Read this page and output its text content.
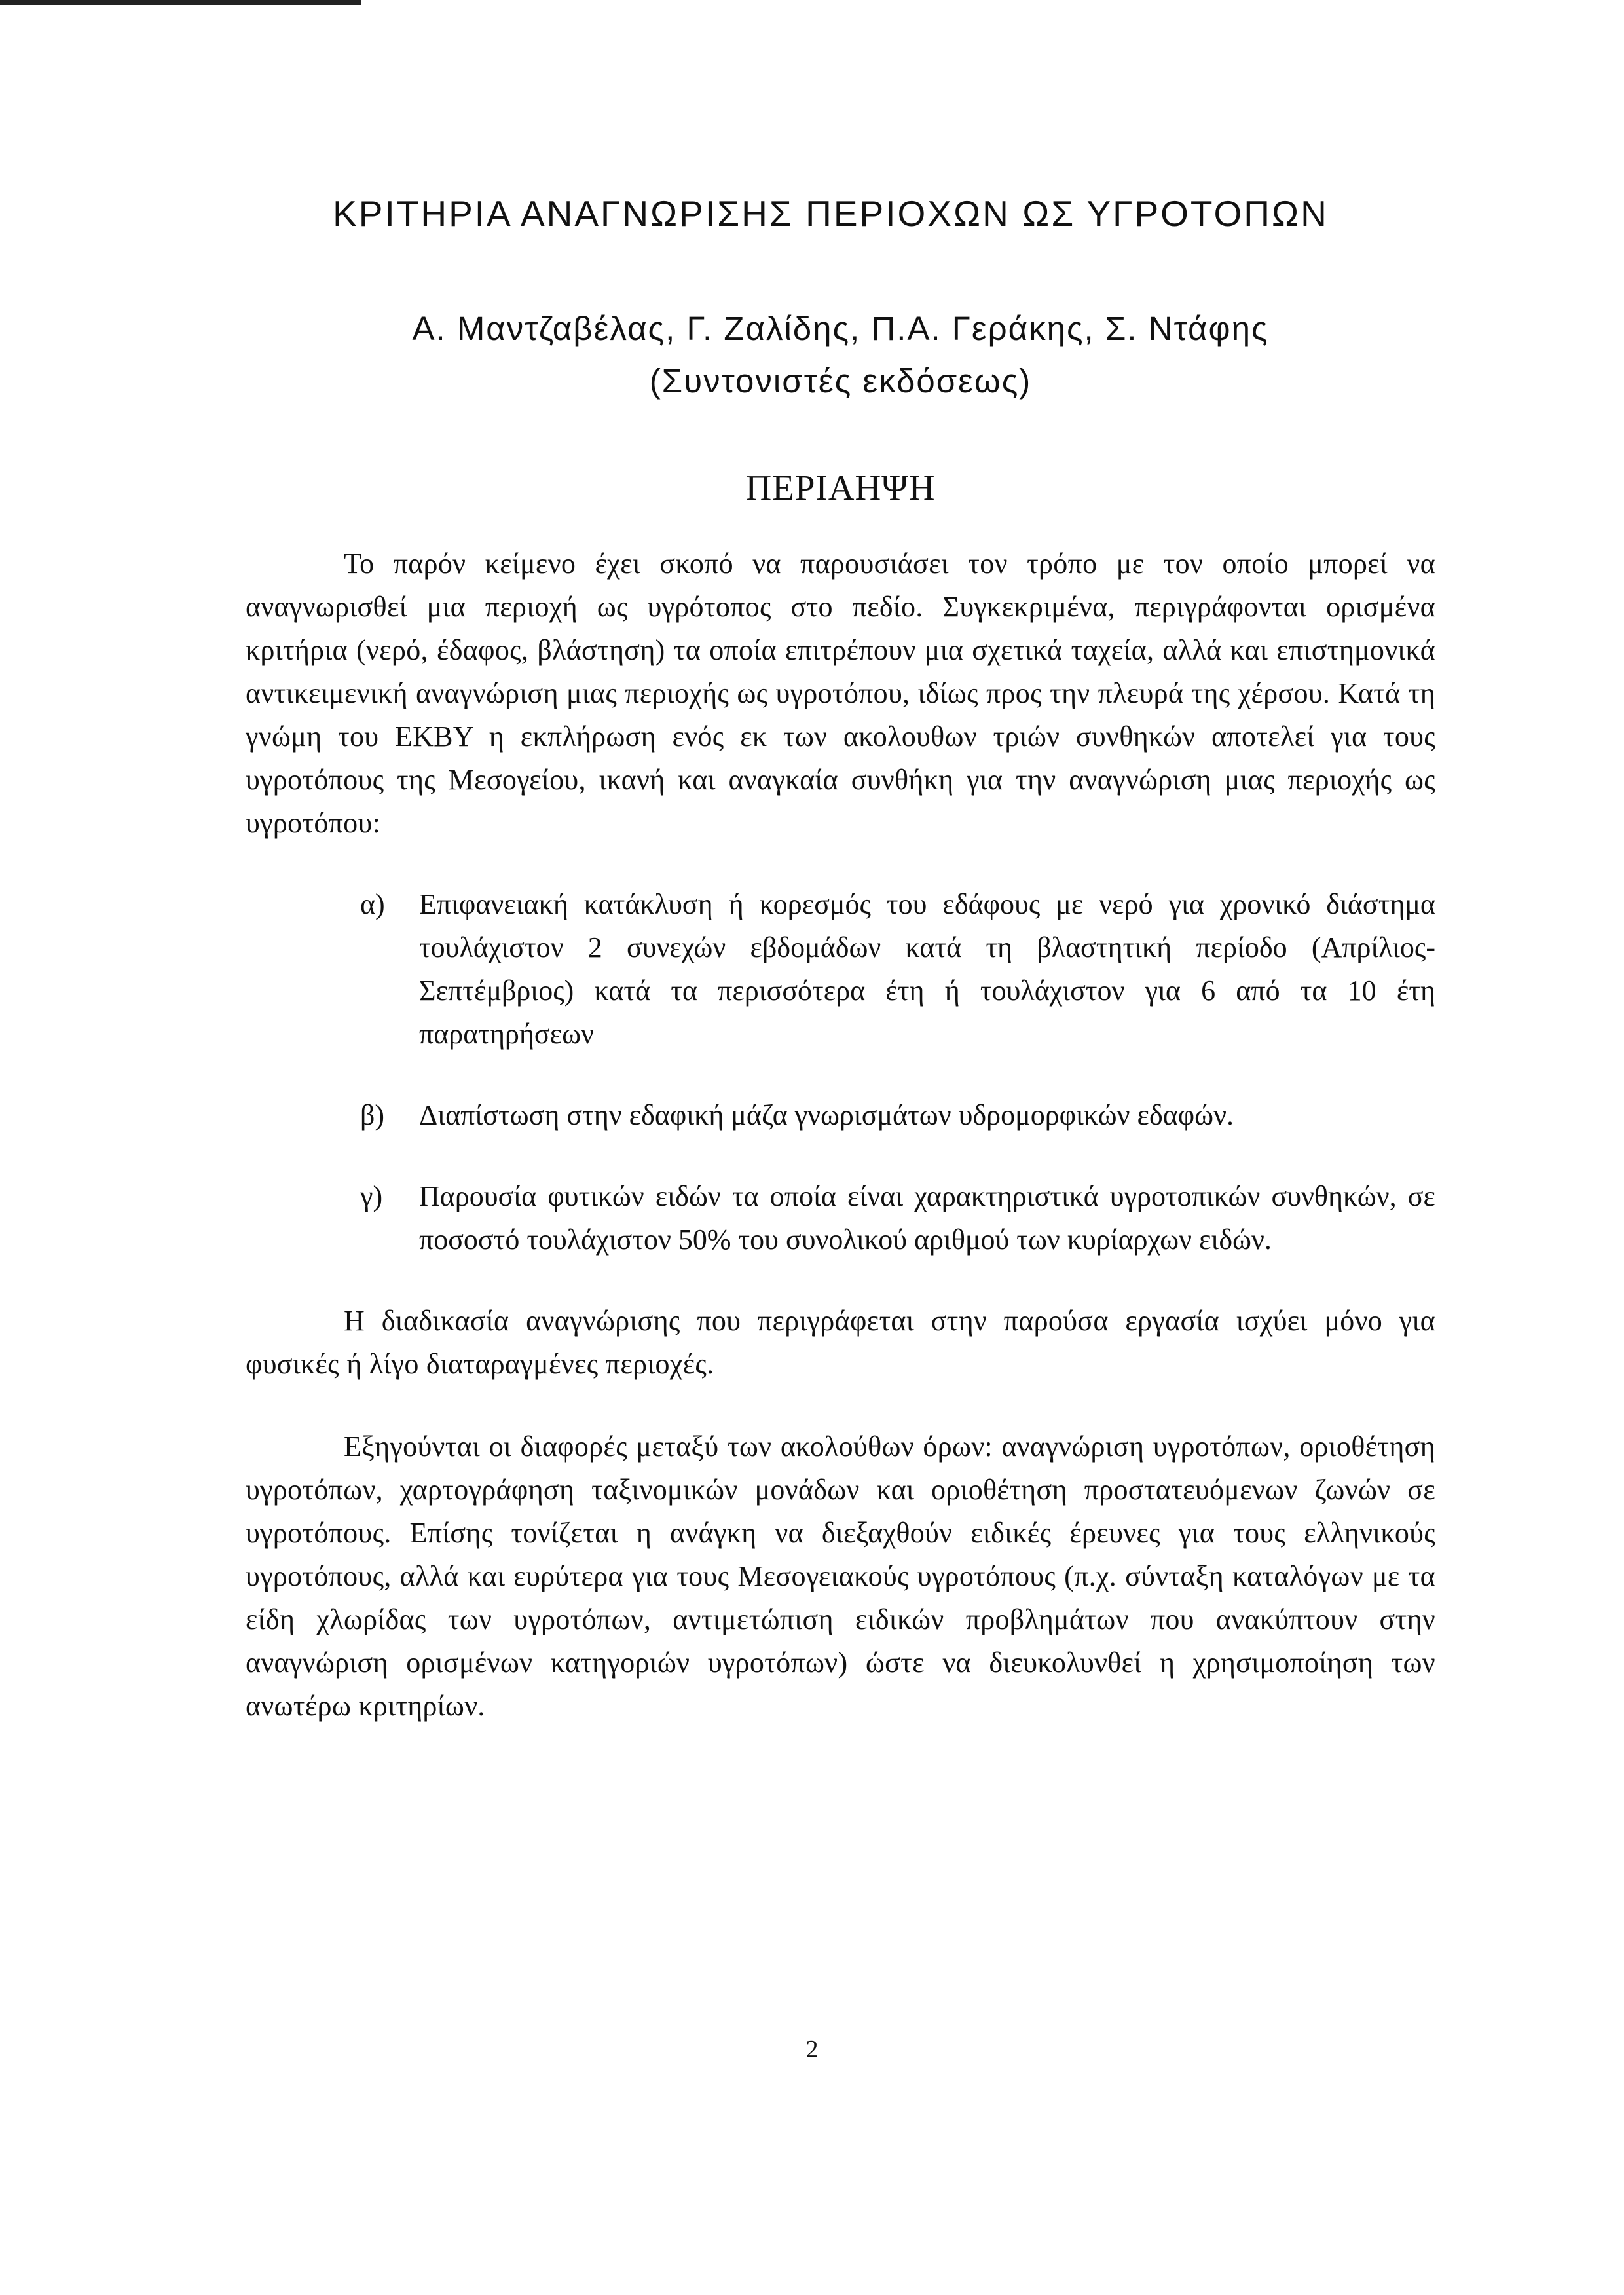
ΚΡΙΤΗΡΙΑ ΑΝΑΓΝΩΡΙΣΗΣ ΠΕΡΙΟΧΩΝ ΩΣ ΥΓΡΟΤΟΠΩΝ
Α. Μαντζαβέλας, Γ. Ζαλίδης, Π.Α. Γεράκης, Σ. Ντάφης
(Συντονιστές εκδόσεως)
ΠΕΡΙΑΗΨΗ

Το παρόν κείμενο έχει σκοπό να παρουσιάσει τον τρόπο με τον οποίο μπορεί να αναγνωρισθεί μια περιοχή ως υγρότοπος στο πεδίο. Συγκεκριμένα, περιγράφονται ορισμένα κριτήρια (νερό, έδαφος, βλάστηση) τα οποία επιτρέπουν μια σχετικά ταχεία, αλλά και επιστημονικά αντικειμενική αναγνώριση μιας περιοχής ως υγροτόπου, ιδίως προς την πλευρά της χέρσου. Κατά τη γνώμη του ΕΚΒΥ η εκπλήρωση ενός εκ των ακολουθων τριών συνθηκών αποτελεί για τους υγροτόπους της Μεσογείου, ικανή και αναγκαία συνθήκη για την αναγνώριση μιας περιοχής ως υγροτόπου:

α)	Επιφανειακή κατάκλυση ή κορεσμός του εδάφους με νερό για χρονικό διάστημα τουλάχιστον 2 συνεχών εβδομάδων κατά τη βλαστητική περίοδο (Απρίλιος- Σεπτέμβριος) κατά τα περισσότερα έτη ή τουλάχιστον για 6 από τα 10 έτη παρατηρήσεων
β)	Διαπίστωση στην εδαφική μάζα γνωρισμάτων υδρομορφικών εδαφών.
γ)	Παρουσία φυτικών ειδών τα οποία είναι χαρακτηριστικά υγροτοπικών συνθηκών, σε ποσοστό τουλάχιστον 50% του συνολικού αριθμού των κυρίαρχων ειδών.

Η διαδικασία αναγνώρισης που περιγράφεται στην παρούσα εργασία ισχύει μόνο για φυσικές ή λίγο διαταραγμένες περιοχές.

Εξηγούνται οι διαφορές μεταξύ των ακολούθων όρων: αναγνώριση υγροτόπων, οριοθέτηση υγροτόπων, χαρτογράφηση ταξινομικών μονάδων και οριοθέτηση προστατευόμενων ζωνών σε υγροτόπους. Επίσης τονίζεται η ανάγκη να διεξαχθούν ειδικές έρευνες για τους ελληνικούς υγροτόπους, αλλά και ευρύτερα για τους Μεσογειακούς υγροτόπους (π.χ. σύνταξη καταλόγων με τα είδη χλωρίδας των υγροτόπων, αντιμετώπιση ειδικών προβλημάτων που ανακύπτουν στην αναγνώριση ορισμένων κατηγοριών υγροτόπων) ώστε να διευκολυνθεί η χρησιμοποίηση των ανωτέρω κριτηρίων.

2
